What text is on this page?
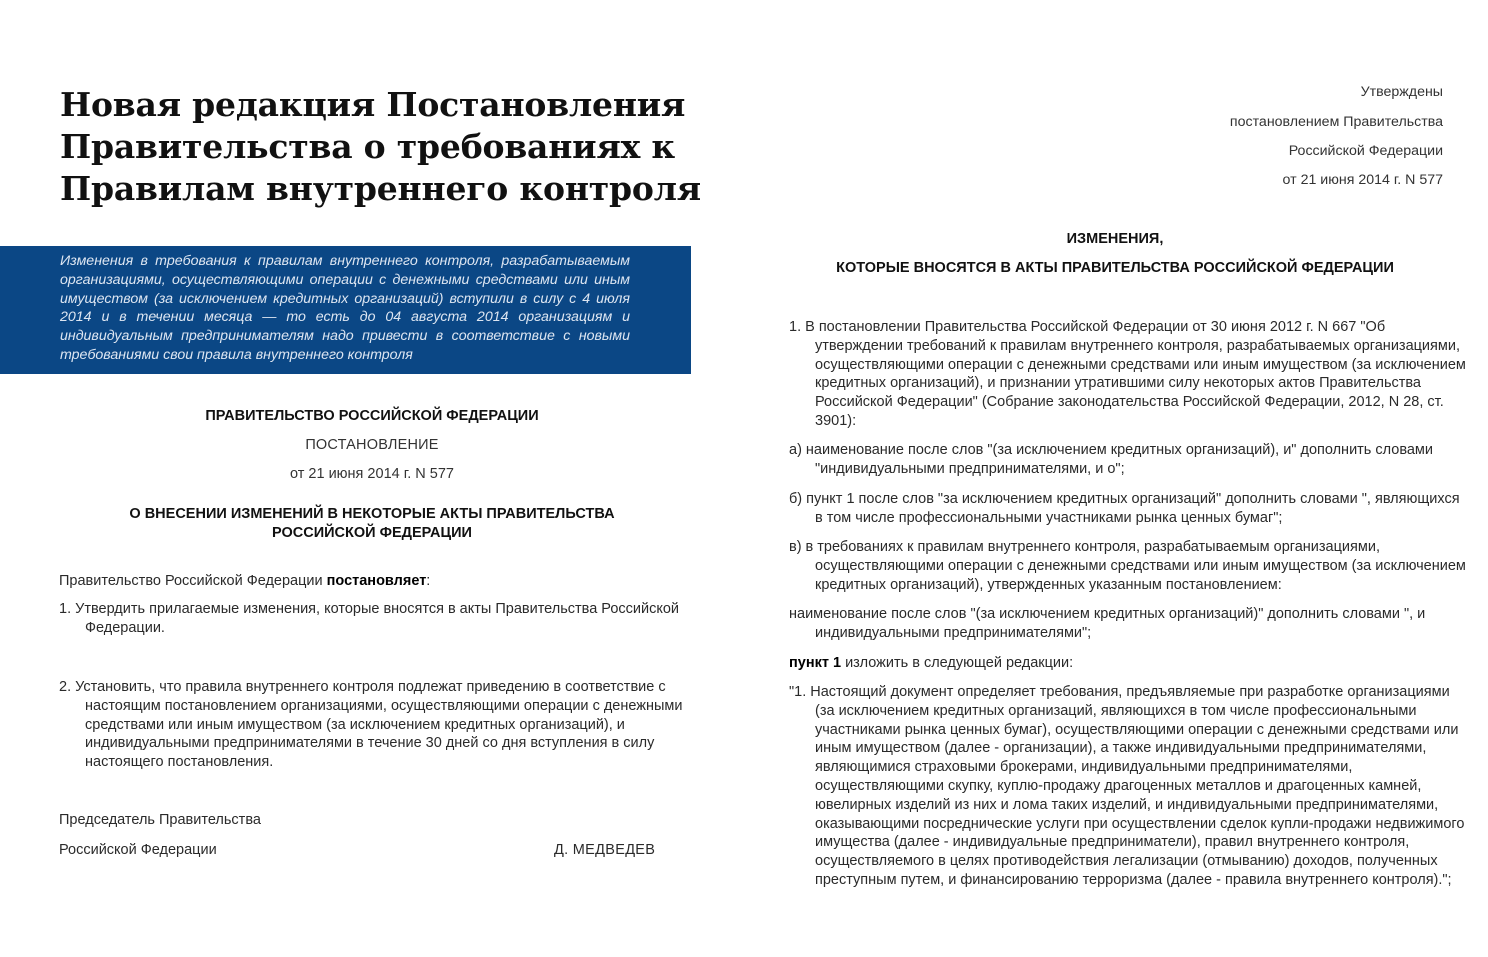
Новая редакция Постановления
Правительства о требованиях к
Правилам внутреннего контроля
Изменения в требования к правилам внутреннего контроля, разрабатываемым организациями, осуществляющими операции с денежными средствами или иным имуществом (за исключением кредитных организаций) вступили в силу с 4 июля 2014 и в течении месяца — то есть до 04 августа 2014 организациям и индивидуальным предпринимателям надо привести в соответствие с новыми требованиями свои правила внутреннего контроля
ПРАВИТЕЛЬСТВО РОССИЙСКОЙ ФЕДЕРАЦИИ
ПОСТАНОВЛЕНИЕ
от 21 июня 2014 г. N 577
О ВНЕСЕНИИ ИЗМЕНЕНИЙ В НЕКОТОРЫЕ АКТЫ ПРАВИТЕЛЬСТВА
РОССИЙСКОЙ ФЕДЕРАЦИИ
Правительство Российской Федерации постановляет:
1. Утвердить прилагаемые изменения, которые вносятся в акты Правительства Российской Федерации.
2. Установить, что правила внутреннего контроля подлежат приведению в соответствие с настоящим постановлением организациями, осуществляющими операции с денежными средствами или иным имуществом (за исключением кредитных организаций), и индивидуальными предпринимателями в течение 30 дней со дня вступления в силу настоящего постановления.
Председатель Правительства
Российской Федерации	Д. МЕДВЕДЕВ
Утверждены
постановлением Правительства
Российской Федерации
от 21 июня 2014 г. N 577
ИЗМЕНЕНИЯ,
КОТОРЫЕ ВНОСЯТСЯ В АКТЫ ПРАВИТЕЛЬСТВА РОССИЙСКОЙ ФЕДЕРАЦИИ
1. В постановлении Правительства Российской Федерации от 30 июня 2012 г. N 667 "Об утверждении требований к правилам внутреннего контроля, разрабатываемых организациями, осуществляющими операции с денежными средствами или иным имуществом (за исключением кредитных организаций), и признании утратившими силу некоторых актов Правительства Российской Федерации" (Собрание законодательства Российской Федерации, 2012, N 28, ст. 3901):
а) наименование после слов "(за исключением кредитных организаций), и" дополнить словами "индивидуальными предпринимателями, и о";
б) пункт 1 после слов "за исключением кредитных организаций" дополнить словами ", являющихся в том числе профессиональными участниками рынка ценных бумаг";
в) в требованиях к правилам внутреннего контроля, разрабатываемым организациями, осуществляющими операции с денежными средствами или иным имуществом (за исключением кредитных организаций), утвержденных указанным постановлением:
наименование после слов "(за исключением кредитных организаций)" дополнить словами ", и индивидуальными предпринимателями";
пункт 1 изложить в следующей редакции:
"1. Настоящий документ определяет требования, предъявляемые при разработке организациями (за исключением кредитных организаций, являющихся в том числе профессиональными участниками рынка ценных бумаг), осуществляющими операции с денежными средствами или иным имуществом (далее - организации), а также индивидуальными предпринимателями, являющимися страховыми брокерами, индивидуальными предпринимателями, осуществляющими скупку, куплю-продажу драгоценных металлов и драгоценных камней, ювелирных изделий из них и лома таких изделий, и индивидуальными предпринимателями, оказывающими посреднические услуги при осуществлении сделок купли-продажи недвижимого имущества (далее - индивидуальные предприниматели), правил внутреннего контроля, осуществляемого в целях противодействия легализации (отмыванию) доходов, полученных преступным путем, и финансированию терроризма (далее - правила внутреннего контроля).";
